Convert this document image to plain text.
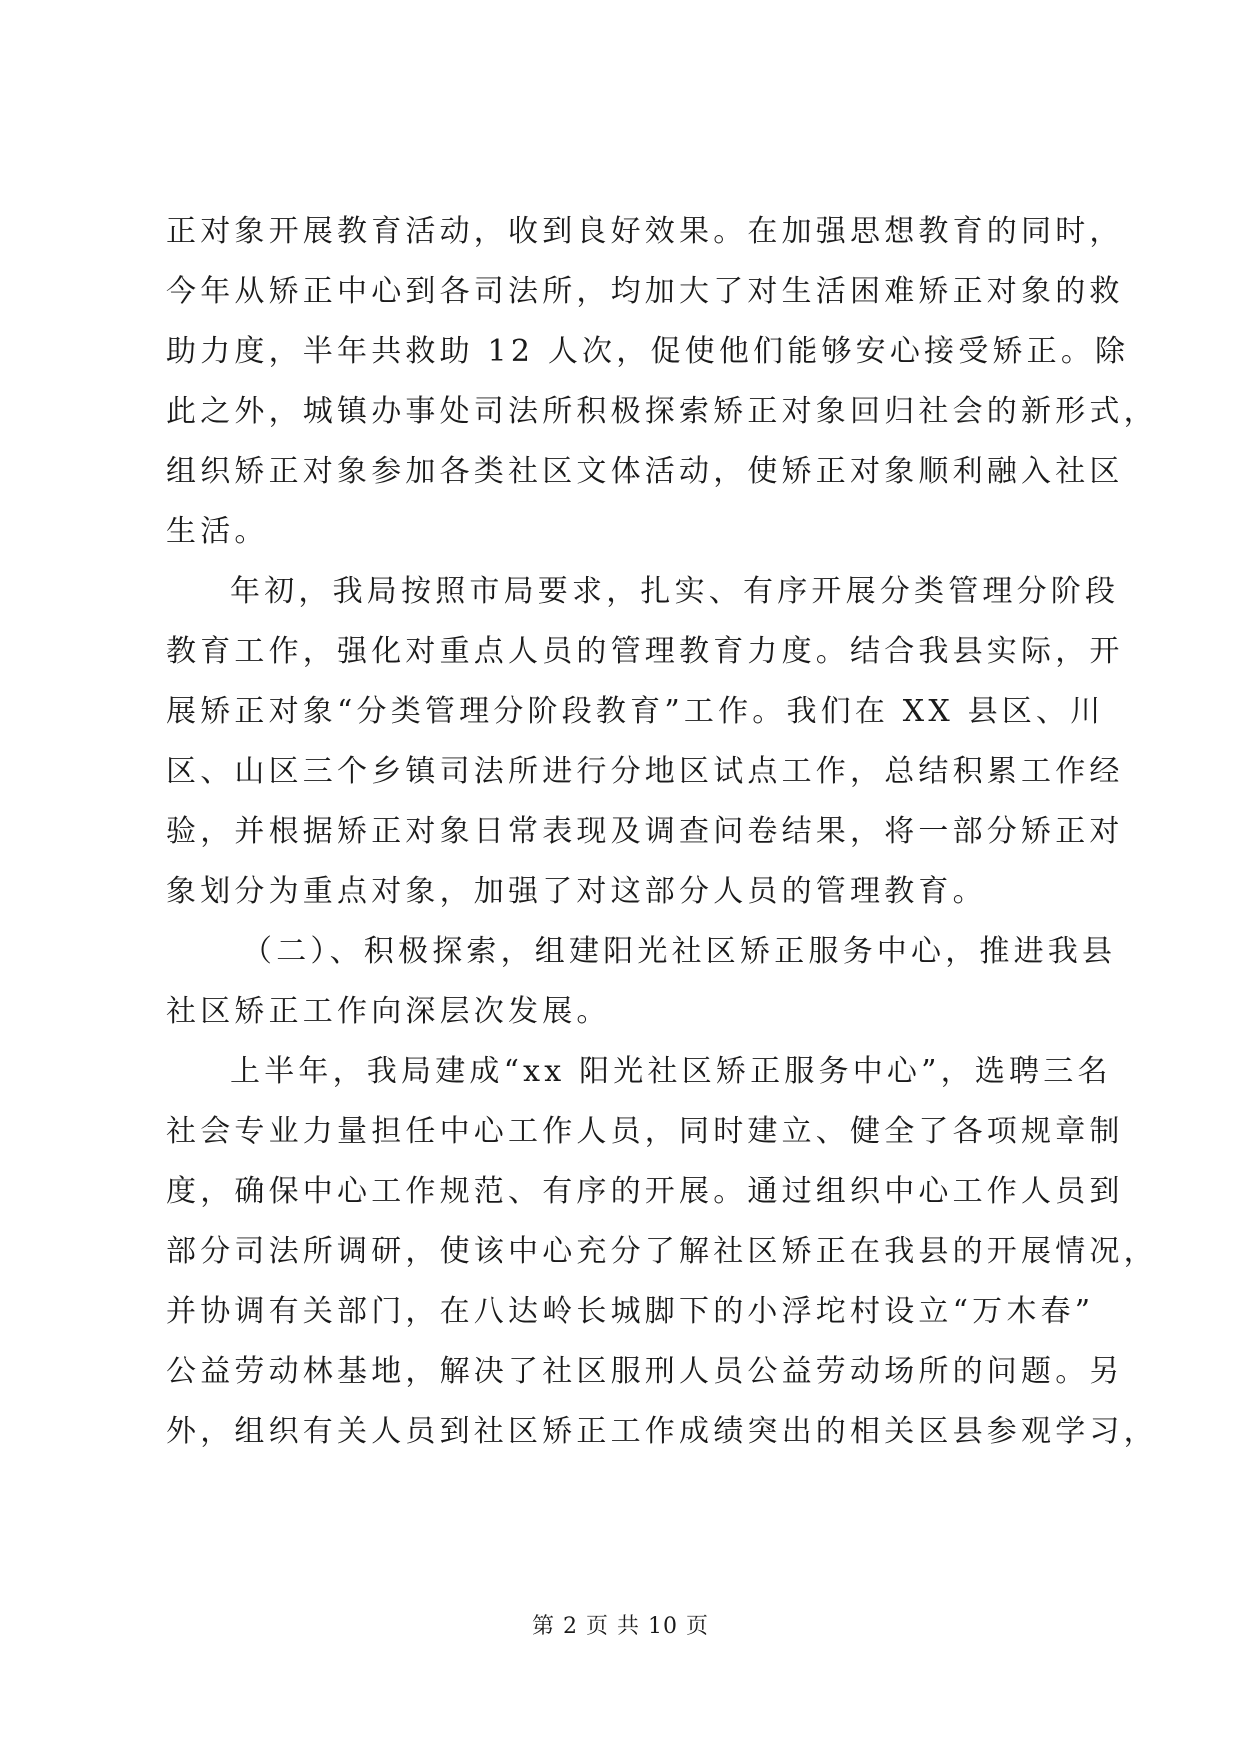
正对象开展教育活动，收到良好效果。在加强思想教育的同时，
今年从矫正中心到各司法所，均加大了对生活困难矫正对象的救
助力度，半年共救助 12 人次，促使他们能够安心接受矫正。除
此之外，城镇办事处司法所积极探索矫正对象回归社会的新形式，
组织矫正对象参加各类社区文体活动，使矫正对象顺利融入社区
生活。
年初，我局按照市局要求，扎实、有序开展分类管理分阶段
教育工作，强化对重点人员的管理教育力度。结合我县实际，开
展矫正对象“分类管理分阶段教育”工作。我们在 XX 县区、川
区、山区三个乡镇司法所进行分地区试点工作，总结积累工作经
验，并根据矫正对象日常表现及调查问卷结果，将一部分矫正对
象划分为重点对象，加强了对这部分人员的管理教育。
（二）、积极探索，组建阳光社区矫正服务中心，推进我县
社区矫正工作向深层次发展。
上半年，我局建成“xx 阳光社区矫正服务中心”，选聘三名
社会专业力量担任中心工作人员，同时建立、健全了各项规章制
度，确保中心工作规范、有序的开展。通过组织中心工作人员到
部分司法所调研，使该中心充分了解社区矫正在我县的开展情况，
并协调有关部门，在八达岭长城脚下的小浮坨村设立“万木春”
公益劳动林基地，解决了社区服刑人员公益劳动场所的问题。另
外，组织有关人员到社区矫正工作成绩突出的相关区县参观学习，
第 2 页 共 10 页
